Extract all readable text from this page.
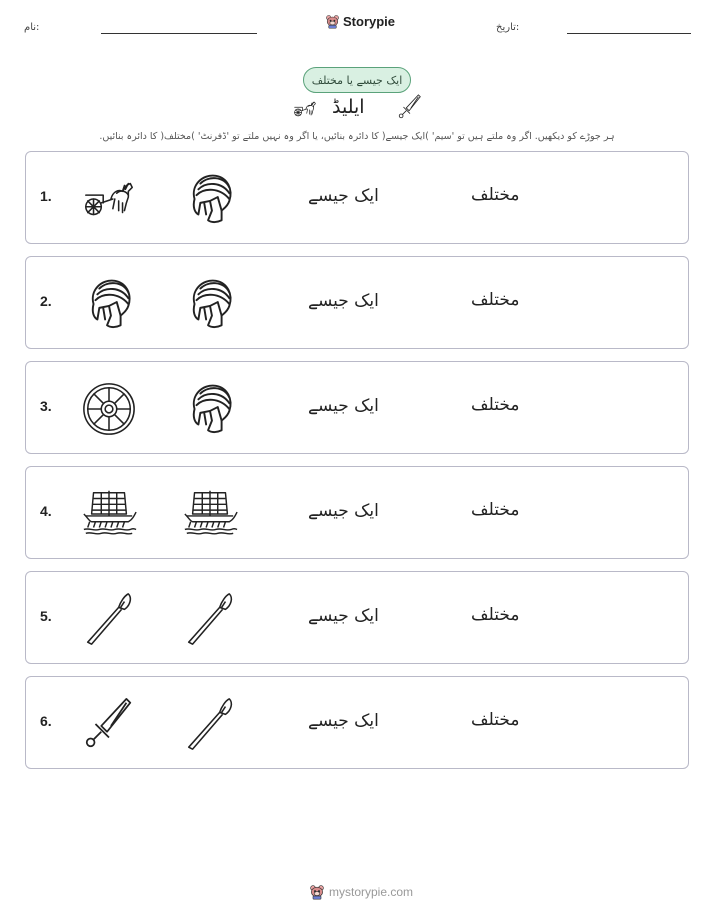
نام:	Storypie	تاریخ:
ایک جیسے یا مختلف
ایلیڈ
ہر جوڑے کو دیکھیں. اگر وہ ملتے ہیں تو 'سیم' )ایک جیسے( کا دائرہ بنائیں، یا اگر وہ نہیں ملتے تو 'ڈفرنٹ' )مختلف( کا دائرہ بنائیں.
1.	ایک جیسے	مختلف
2.	ایک جیسے	مختلف
3.	ایک جیسے	مختلف
4.	ایک جیسے	مختلف
5.	ایک جیسے	مختلف
6.	ایک جیسے	مختلف
mystorypie.com
